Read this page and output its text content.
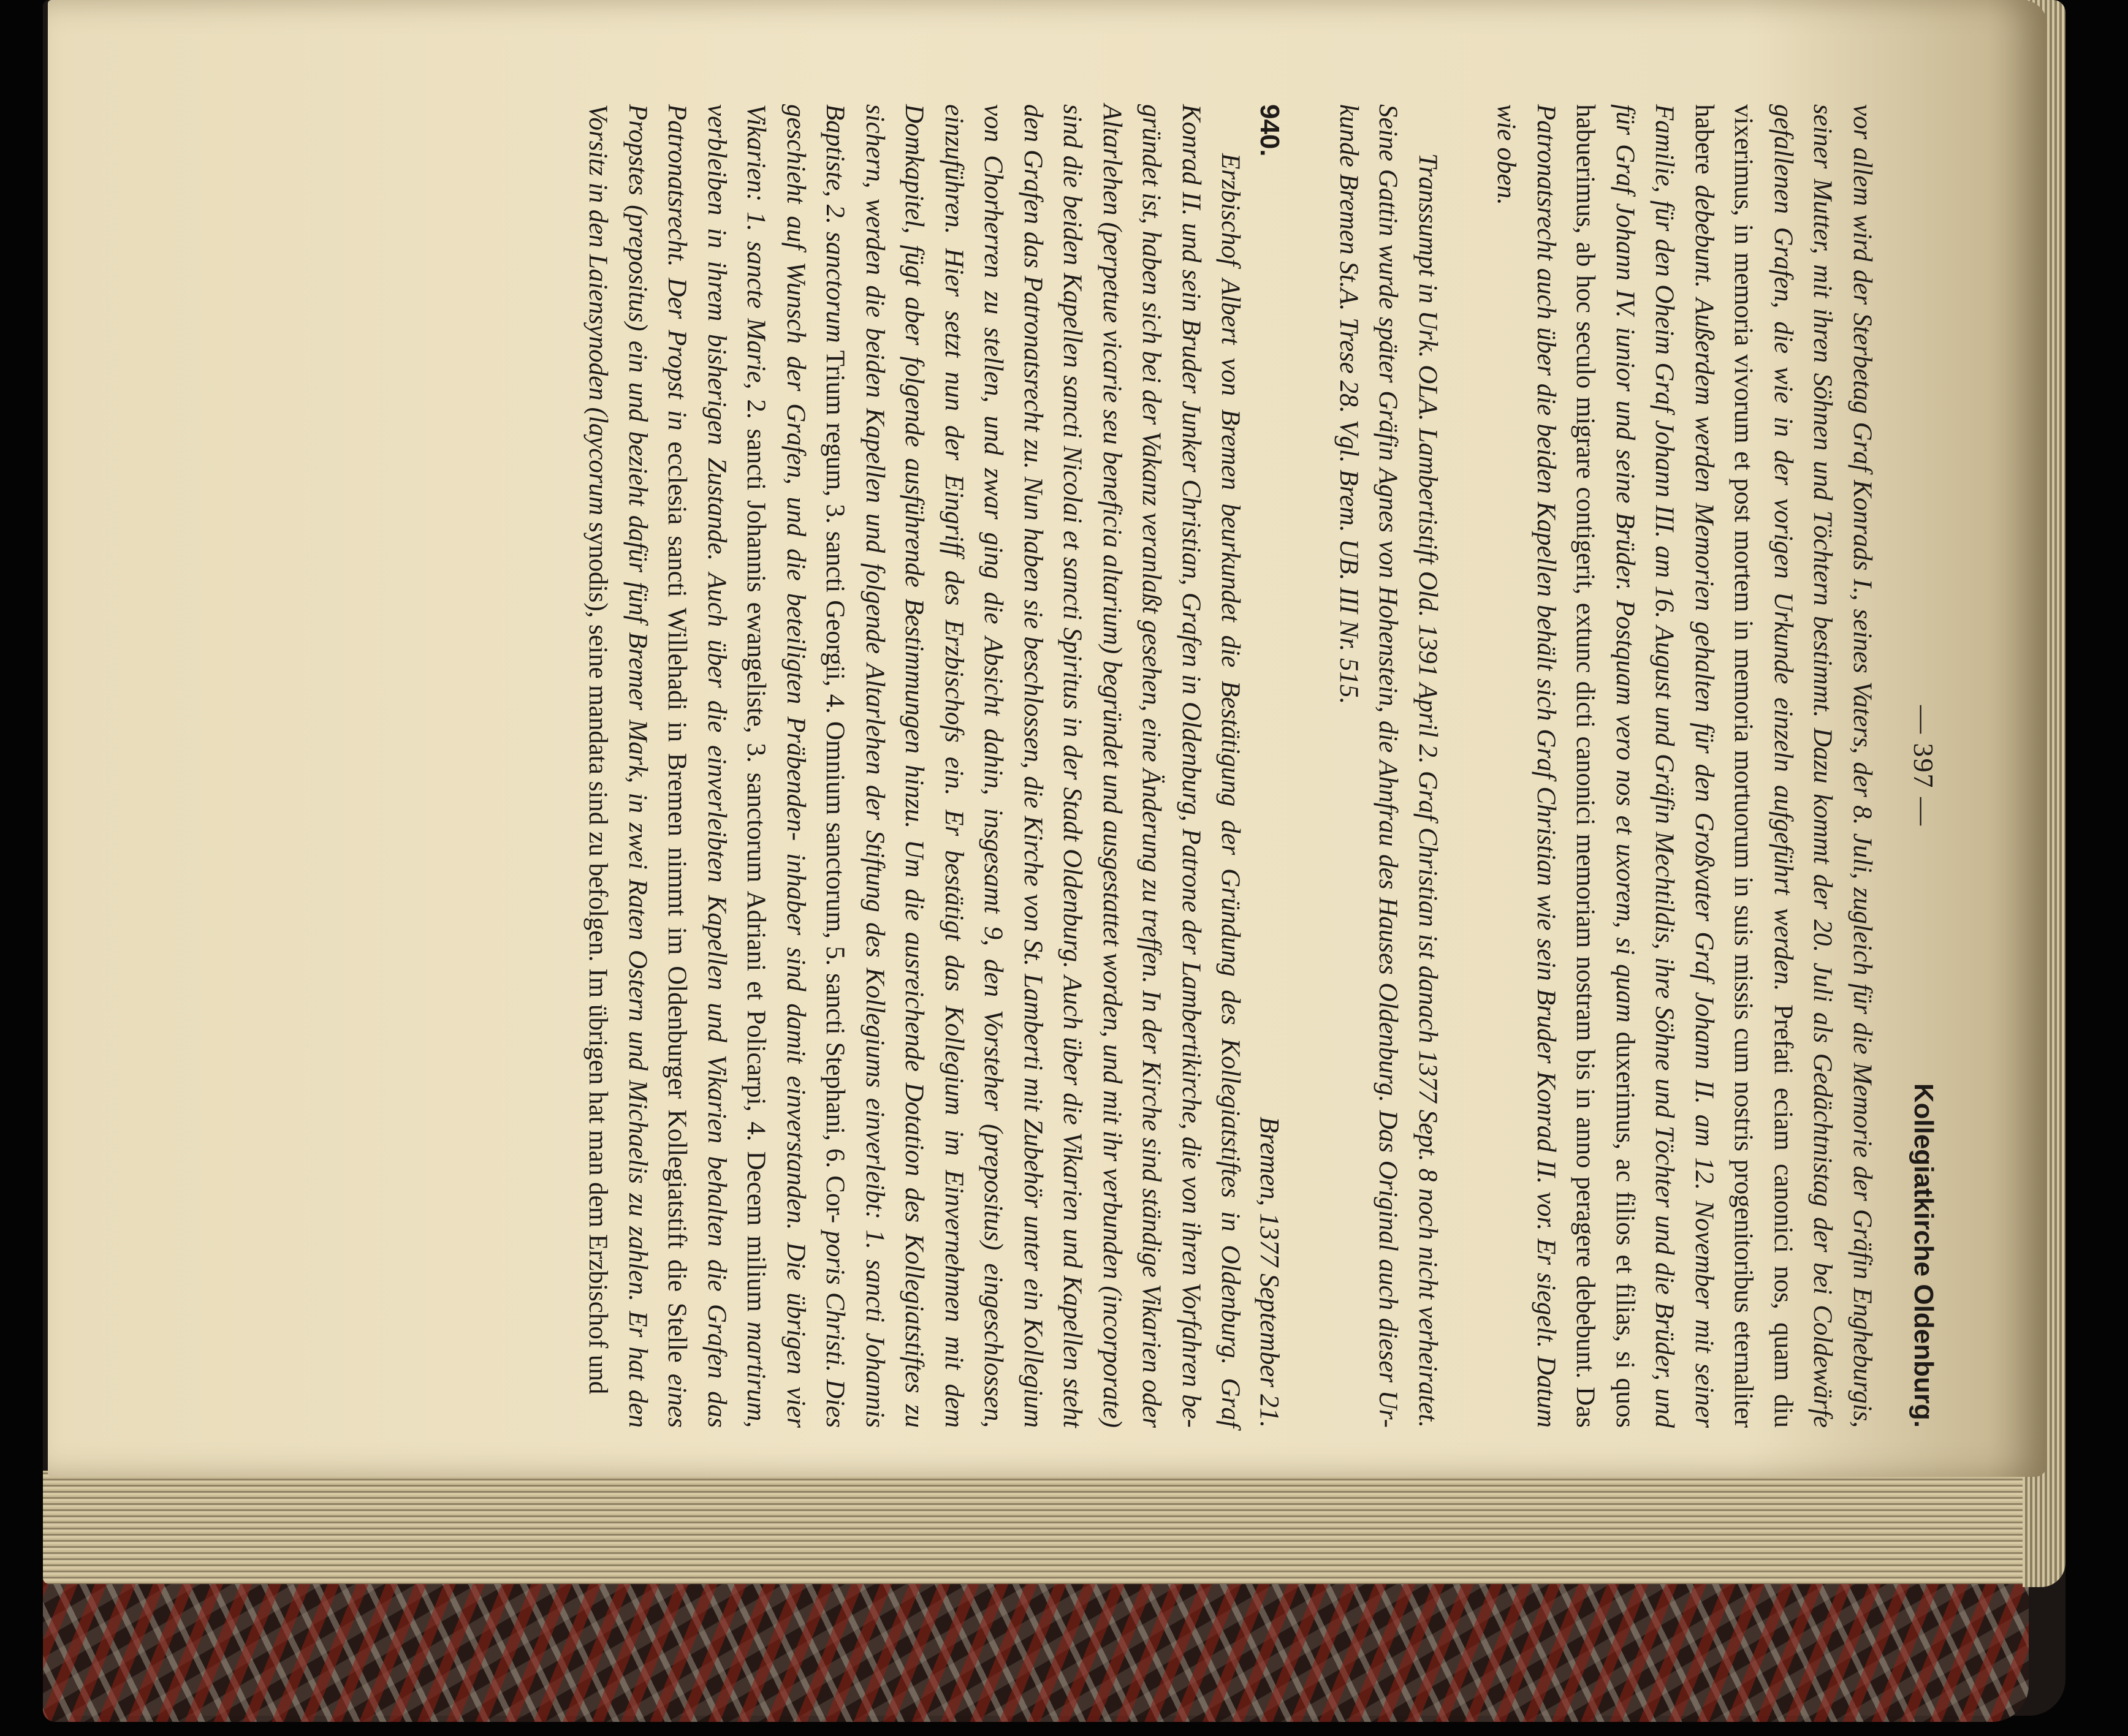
— 397 —
Kollegiatkirche Oldenburg.

vor allem wird der Sterbetag Graf Konrads I., seines Vaters, der 8. Juli, zugleich für die Memorie der Gräfin Engheburgis, seiner Mutter, mit ihren Söhnen und Töchtern bestimmt. Dazu kommt der 20. Juli als Gedächtnistag der bei Coldewärfe gefallenen Grafen, die wie in der vorigen Urkunde einzeln aufgeführt werden. Prefati eciam canonici nos, quam diu vixerimus, in memoria vivorum et post mortem in memoria mortuorum in suis missis cum nostris progenitoribus eternaliter habere debebunt. Außerdem werden Memorien gehalten für den Großvater Graf Johann II. am 12. November mit seiner Familie, für den Oheim Graf Johann III. am 16. August und Gräfin Mechtildis, ihre Söhne und Töchter und die Brüder, und für Graf Johann IV. iunior und seine Brüder. Postquam vero nos et uxorem, si quam duxerimus, ac filios et filias, si quos habuerimus, ab hoc seculo migrare contigerit, extunc dicti canonici memoriam nostram bis in anno peragere debebunt. Das Patronatsrecht auch über die beiden Kapellen behält sich Graf Christian wie sein Bruder Konrad II. vor. Er siegelt. Datum wie oben.

Transsumpt in Urk. OLA. Lambertistift Old. 1391 April 2. Graf Christian ist danach 1377 Sept. 8 noch nicht verheiratet. Seine Gattin wurde später Gräfin Agnes von Hohenstein, die Ahnfrau des Hauses Oldenburg. Das Original auch dieser Ur- kunde Bremen St.A. Trese 28. Vgl. Brem. UB. III Nr. 515.

940.
Bremen, 1377 September 21.

Erzbischof Albert von Bremen beurkundet die Bestätigung der Gründung des Kollegiatstiftes in Oldenburg. Graf Konrad II. und sein Bruder Junker Christian, Grafen in Oldenburg, Patrone der Lambertikirche, die von ihren Vorfahren be- gründet ist, haben sich bei der Vakanz veranlaßt gesehen, eine Änderung zu treffen. In der Kirche sind ständige Vikarien oder Altarlehen (perpetue vicarie seu beneficia altarium) begründet und ausgestattet worden, und mit ihr verbunden (incorporate) sind die beiden Kapellen sancti Nicolai et sancti Spiritus in der Stadt Oldenburg. Auch über die Vikarien und Kapellen steht den Grafen das Patronatsrecht zu. Nun haben sie beschlossen, die Kirche von St. Lamberti mit Zubehör unter ein Kollegium von Chorherren zu stellen, und zwar ging die Absicht dahin, insgesamt 9, den Vorsteher (prepositus) eingeschlossen, einzuführen. Hier setzt nun der Eingriff des Erzbischofs ein. Er bestätigt das Kollegium im Einvernehmen mit dem Domkapitel, fügt aber folgende ausführende Bestimmungen hinzu. Um die ausreichende Dotation des Kollegiatstiftes zu sichern, werden die beiden Kapellen und folgende Altarlehen der Stiftung des Kollegiums einverleibt: 1. sancti Johannis Baptiste, 2. sanctorum Trium regum, 3. sancti Georgii, 4. Omnium sanctorum, 5. sancti Stephani, 6. Cor- poris Christi. Dies geschieht auf Wunsch der Grafen, und die beteiligten Präbenden- inhaber sind damit einverstanden. Die übrigen vier Vikarien: 1. sancte Marie, 2. sancti Johannis ewangeliste, 3. sanctorum Adriani et Policarpi, 4. Decem milium martirum, verbleiben in ihrem bisherigen Zustande. Auch über die einverleibten Kapellen und Vikarien behalten die Grafen das Patronatsrecht. Der Propst in ecclesia sancti Willehadi in Bremen nimmt im Oldenburger Kollegiatstift die Stelle eines Propstes (prepositus) ein und bezieht dafür fünf Bremer Mark, in zwei Raten Ostern und Michaelis zu zahlen. Er hat den Vorsitz in den Laiensynoden (laycorum synodis), seine mandata sind zu befolgen. Im übrigen hat man dem Erzbischof und
